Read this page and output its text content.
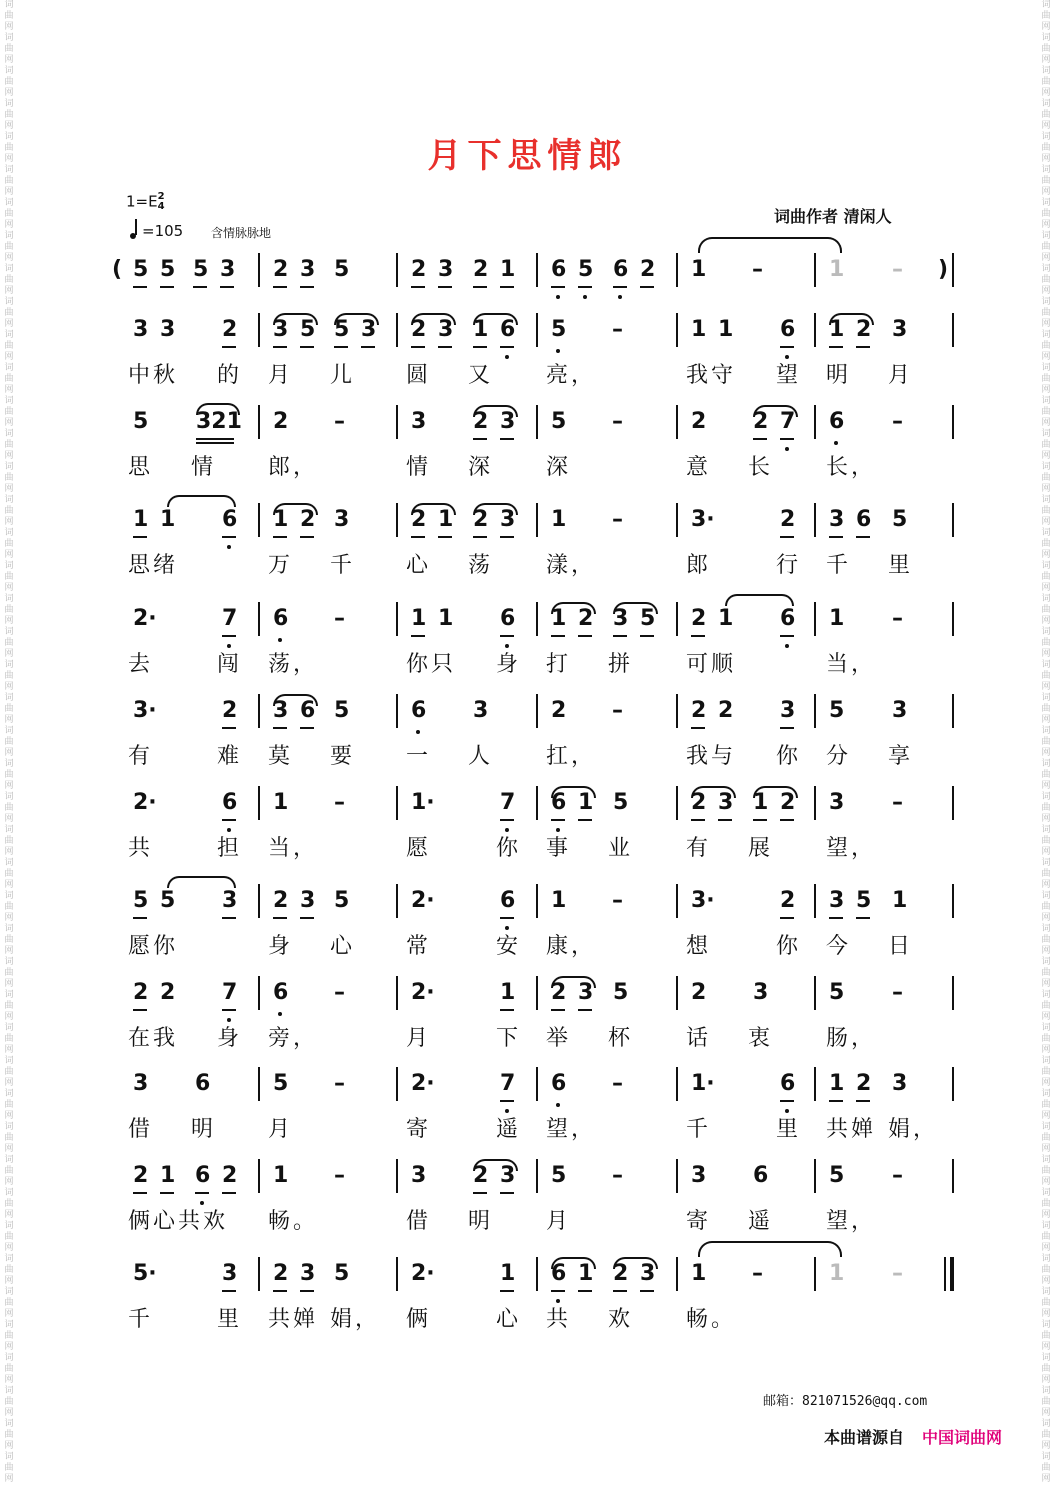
词曲网词曲网词曲网词曲网词曲网词曲网词曲网词曲网词曲网词曲网词曲网词曲网词曲网词曲网词曲网词曲网词曲网词曲网词曲网词曲网词曲网词曲网词曲网词曲网词曲网词曲网词曲网词曲网词曲网词曲网词曲网词曲网词曲网词曲网词曲网词曲网词曲网词曲网词曲网词曲网词曲网词曲网词曲网词曲网词曲网
词曲网词曲网词曲网词曲网词曲网词曲网词曲网词曲网词曲网词曲网词曲网词曲网词曲网词曲网词曲网词曲网词曲网词曲网词曲网词曲网词曲网词曲网词曲网词曲网词曲网词曲网词曲网词曲网词曲网词曲网词曲网词曲网词曲网词曲网词曲网词曲网词曲网词曲网词曲网词曲网词曲网词曲网词曲网词曲网词曲网
月下思情郎
1=E2
4
=105 含情脉脉地
词曲作者 清闲人
( 5 5 5 3 2 3 5	2 3 2 1 6 5 6 2 1 –	1 – )
3 3 2 3 5 5 3 2 3 1 6 5 –	1 1 6 1 2 3
中秋 的 月 儿 圆 又	亮，	我守 望 明 月
5 321 2 –	3 2 3 5 –	2 2 7 6 –
思 情 郎，	情 深	深	意 长	长，
1 1 6 1 2 3	2 1 2 3 1 –	3·	2 3 6 5
思绪	万 千 心 荡	漾，	郎	行 千 里
2·	7 6 –	1 1 6 1 2 3 5 2 1 6 1 –
去	闯 荡，	你只 身 打 拼	可顺	当，
3·	2 3 6 5	6 3	2 –	2 2 3 5 3
有	难 莫 要 一 人	扛，	我与 你 分 享
2·	6 1 –	1·	7 6 1 5	2 3 1 2 3 –
共	担 当，	愿	你 事 业	有 展	望，
5 5 3 2 3 5	2·	6 1 –	3·	2 3 5 1
愿你	身 心 常	安 康，	想	你 今 日
2 2 7 6 –	2·	1 2 3 5	2 3	5 –
在我 身 旁，	月	下 举 杯	话 衷	肠，
3 6	5 –	2·	7 6 –	1·	6 1 2 3
借 明 月	寄	遥 望，	千	里 共婵 娟，
2 1 6 2 1 –	3 2 3 5 –	3 6	5 –
俩心共欢 畅。	借 明	月	寄 遥	望，
5·	3 2 3 5	2·	1 6 1 2 3 1 –	1 –
千	里 共婵 娟， 俩	心 共 欢	畅。
邮箱：821071526@qq.com
本曲谱源自 中国词曲网
